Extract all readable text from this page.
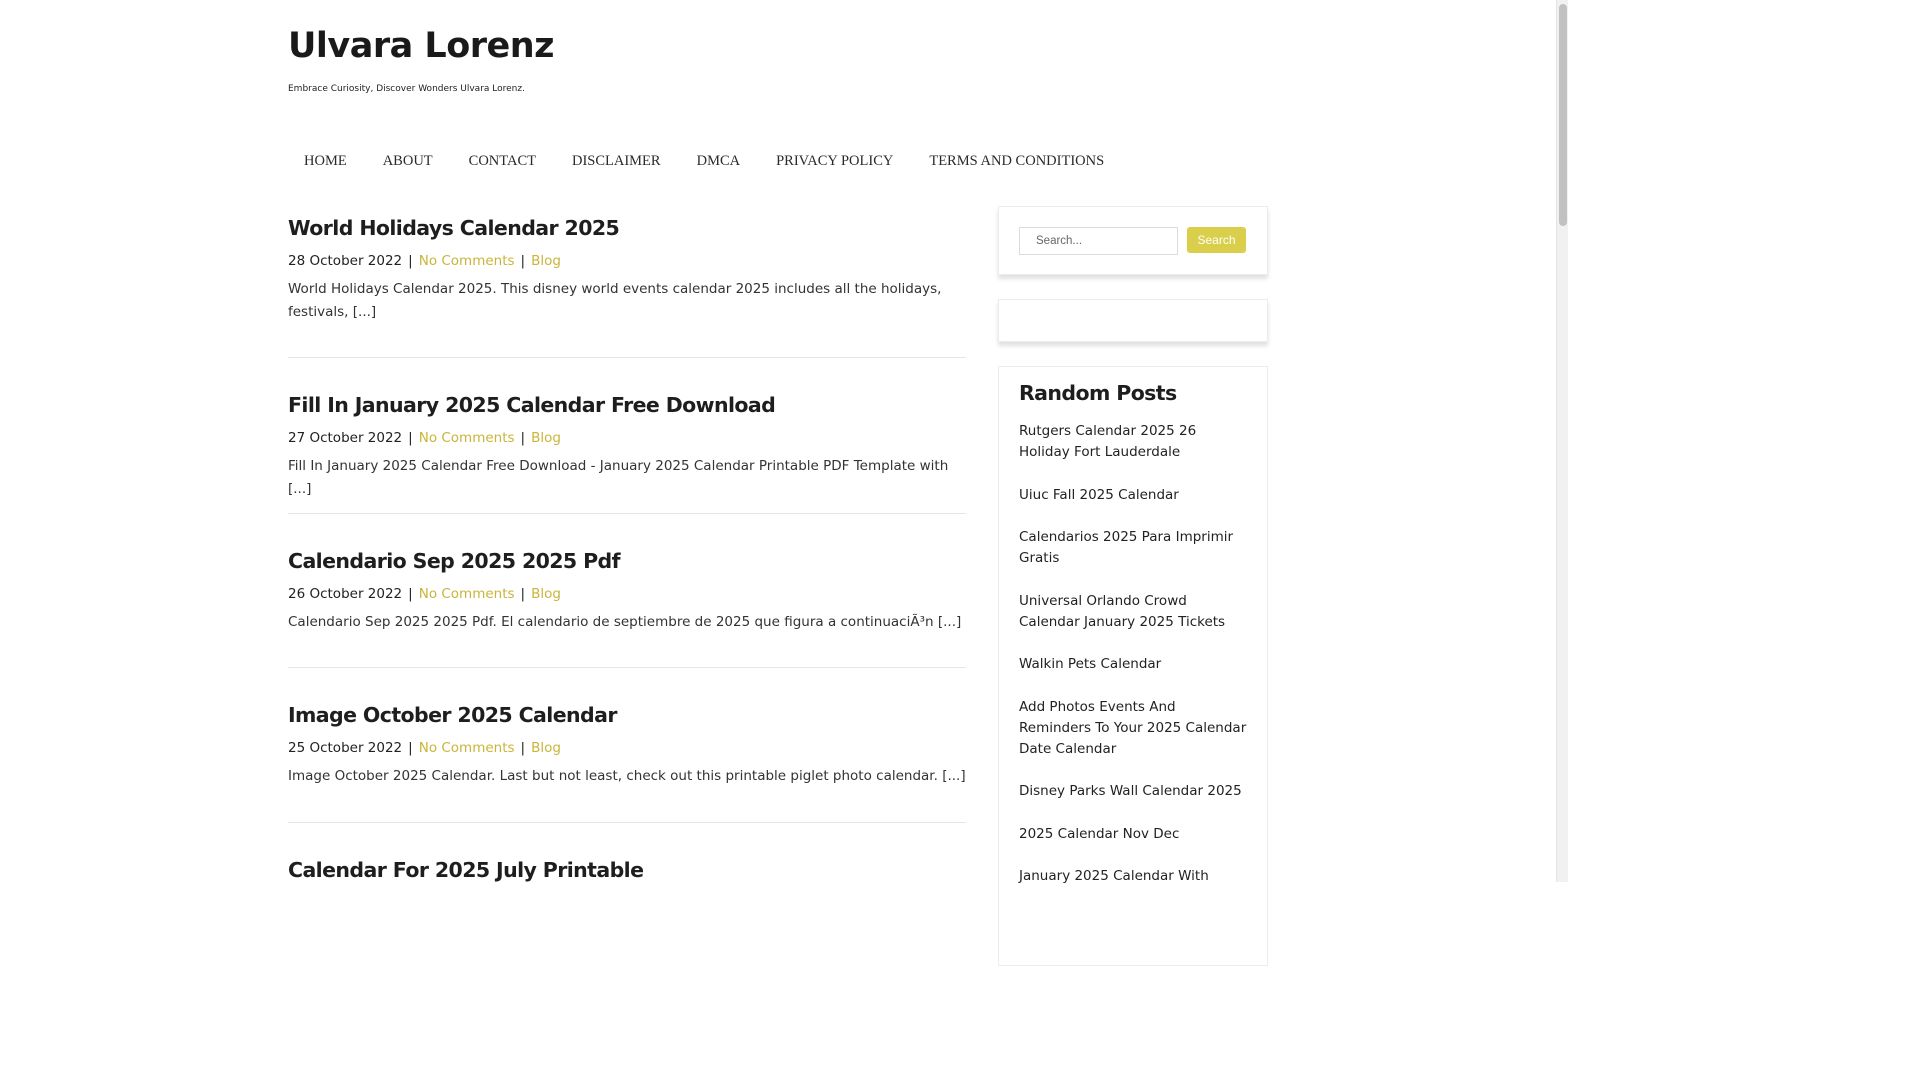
Ulvara Lorenz
Embrace Curiosity, Discover Wonders Ulvara Lorenz.
HOME	ABOUT	CONTACT	DISCLAIMER	DMCA	PRIVACY POLICY	TERMS AND CONDITIONS
World Holidays Calendar 2025
28 October 2022 | No Comments | Blog

World Holidays Calendar 2025. This disney world events calendar 2025 includes all the holidays, festivals, [...]

Fill In January 2025 Calendar Free Download
27 October 2022 | No Comments | Blog

Fill In January 2025 Calendar Free Download - January 2025 Calendar Printable PDF Template with [...]

Calendario Sep 2025 2025 Pdf
26 October 2022 | No Comments | Blog

Calendario Sep 2025 2025 Pdf. El calendario de septiembre de 2025 que figura a continuaciÃ³n [...]

Image October 2025 Calendar
25 October 2022 | No Comments | Blog

Image October 2025 Calendar. Last but not least, check out this printable piglet photo calendar. [...]

Calendar For 2025 July Printable
Search...
Search
Random Posts
Rutgers Calendar 2025 26 Holiday Fort Lauderdale
Uiuc Fall 2025 Calendar
Calendarios 2025 Para Imprimir Gratis
Universal Orlando Crowd Calendar January 2025 Tickets
Walkin Pets Calendar
Add Photos Events And Reminders To Your 2025 Calendar Date Calendar
Disney Parks Wall Calendar 2025
2025 Calendar Nov Dec
January 2025 Calendar With
